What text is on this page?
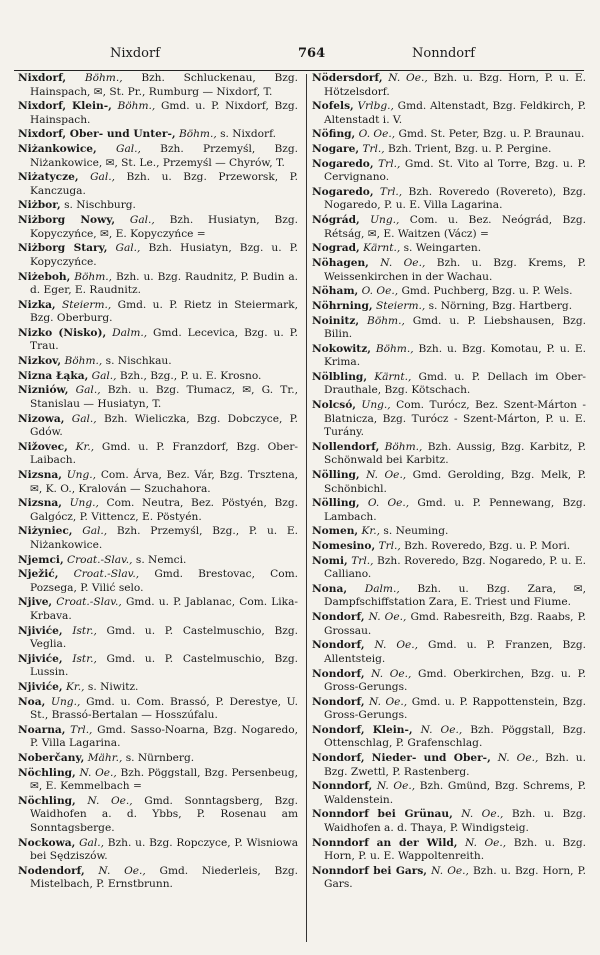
Nixdorf	764	Nonndorf

Nixdorf, Böhm., Bzh. Schluckenau, Bzg. Hainspach, ✉, St. Pr., Rumburg — Nixdorf, T.

Nixdorf, Klein-, Böhm., Gmd. u. P. Nixdorf, Bzg. Hainspach.

Nixdorf, Ober- und Unter-, Böhm., s. Nixdorf.

Niżankowice, Gal., Bzh. Przemyśl, Bzg. Niżankowice, ✉, St. Le., Przemyśl — Chyrów, T.

Niżatycze, Gal., Bzh. u. Bzg. Przeworsk, P. Kanczuga.

Niżbor, s. Nischburg.

Niżborg Nowy, Gal., Bzh. Husiatyn, Bzg. Kopyczyńce, ✉, E. Kopyczyńce =

Niżborg Stary, Gal., Bzh. Husiatyn, Bzg. u. P. Kopyczyńce.

Niżeboh, Böhm., Bzh. u. Bzg. Raudnitz, P. Budin a. d. Eger, E. Raudnitz.

Nizka, Steierm., Gmd. u. P. Rietz in Steiermark, Bzg. Oberburg.

Nizko (Nisko), Dalm., Gmd. Lecevica, Bzg. u. P. Trau.

Nizkov, Böhm., s. Nischkau.

Nizna Łąka, Gal., Bzh., Bzg., P. u. E. Krosno.

Nizniów, Gal., Bzh. u. Bzg. Tłumacz, ✉, G. Tr., Stanislau — Husiatyn, T.

Nizowa, Gal., Bzh. Wieliczka, Bzg. Dobczyce, P. Gdów.

Nižovec, Kr., Gmd. u. P. Franzdorf, Bzg. Ober-Laibach.

Nizsna, Ung., Com. Árva, Bez. Vár, Bzg. Trsztena, ✉, K. O., Kralován — Szuchahora.

Nizsna, Ung., Com. Neutra, Bez. Pöstyén, Bzg. Galgócz, P. Vittencz, E. Pöstyén.

Niżyniec, Gal., Bzh. Przemyśl, Bzg., P. u. E. Niżankowice.

Njemci, Croat.-Slav., s. Nemci.

Nježić, Croat.-Slav., Gmd. Brestovac, Com. Pozsega, P. Vilić selo.

Njive, Croat.-Slav., Gmd. u. P. Jablanac, Com. Lika-Krbava.

Njiviće, Istr., Gmd. u. P. Castelmuschio, Bzg. Veglia.

Njiviće, Istr., Gmd. u. P. Castelmuschio, Bzg. Lussin.

Njiviće, Kr., s. Niwitz.

Noa, Ung., Gmd. u. Com. Brassó, P. Derestye, U. St., Brassó-Bertalan — Hosszúfalu.

Noarna, Trl., Gmd. Sasso-Noarna, Bzg. Nogaredo, P. Villa Lagarina.

Noberčany, Mähr., s. Nürnberg.

Nöchling, N. Oe., Bzh. Pöggstall, Bzg. Persenbeug, ✉, E. Kemmelbach =

Nöchling, N. Oe., Gmd. Sonntagsberg, Bzg. Waidhofen a. d. Ybbs, P. Rosenau am Sonntagsberge.

Nockowa, Gal., Bzh. u. Bzg. Ropczyce, P. Wisniowa bei Sędziszów.

Nodendorf, N. Oe., Gmd. Niederleis, Bzg. Mistelbach, P. Ernstbrunn.

Nödersdorf, N. Oe., Bzh. u. Bzg. Horn, P. u. E. Hötzelsdorf.

Nofels, Vrlbg., Gmd. Altenstadt, Bzg. Feldkirch, P. Altenstadt i. V.

Nöfing, O. Oe., Gmd. St. Peter, Bzg. u. P. Braunau.

Nogare, Trl., Bzh. Trient, Bzg. u. P. Pergine.

Nogaredo, Trl., Gmd. St. Vito al Torre, Bzg. u. P. Cervignano.

Nogaredo, Trl., Bzh. Roveredo (Rovereto), Bzg. Nogaredo, P. u. E. Villa Lagarina.

Nógrád, Ung., Com. u. Bez. Neógrád, Bzg. Rétság, ✉, E. Waitzen (Vácz) =

Nograd, Kärnt., s. Weingarten.

Nöhagen, N. Oe., Bzh. u. Bzg. Krems, P. Weissenkirchen in der Wachau.

Nöham, O. Oe., Gmd. Puchberg, Bzg. u. P. Wels.

Nöhrning, Steierm., s. Nörning, Bzg. Hartberg.

Noinitz, Böhm., Gmd. u. P. Liebshausen, Bzg. Bilin.

Nokowitz, Böhm., Bzh. u. Bzg. Komotau, P. u. E. Krima.

Nölbling, Kärnt., Gmd. u. P. Dellach im Ober-Drauthale, Bzg. Kötschach.

Nolcsó, Ung., Com. Turócz, Bez. Szent-Márton - Blatnicza, Bzg. Turócz - Szent-Márton, P. u. E. Turány.

Nollendorf, Böhm., Bzh. Aussig, Bzg. Karbitz, P. Schönwald bei Karbitz.

Nölling, N. Oe., Gmd. Gerolding, Bzg. Melk, P. Schönbichl.

Nölling, O. Oe., Gmd. u. P. Pennewang, Bzg. Lambach.

Nomen, Kr., s. Neuming.

Nomesino, Trl., Bzh. Roveredo, Bzg. u. P. Mori.

Nomi, Trl., Bzh. Roveredo, Bzg. Nogaredo, P. u. E. Calliano.

Nona, Dalm., Bzh. u. Bzg. Zara, ✉, Dampfschiffstation Zara, E. Triest und Fiume.

Nondorf, N. Oe., Gmd. Rabesreith, Bzg. Raabs, P. Grossau.

Nondorf, N. Oe., Gmd. u. P. Franzen, Bzg. Allentsteig.

Nondorf, N. Oe., Gmd. Oberkirchen, Bzg. u. P. Gross-Gerungs.

Nondorf, N. Oe., Gmd. u. P. Rappottenstein, Bzg. Gross-Gerungs.

Nondorf, Klein-, N. Oe., Bzh. Pöggstall, Bzg. Ottenschlag, P. Grafenschlag.

Nondorf, Nieder- und Ober-, N. Oe., Bzh. u. Bzg. Zwettl, P. Rastenberg.

Nonndorf, N. Oe., Bzh. Gmünd, Bzg. Schrems, P. Waldenstein.

Nonndorf bei Grünau, N. Oe., Bzh. u. Bzg. Waidhofen a. d. Thaya, P. Windigsteig.

Nonndorf an der Wild, N. Oe., Bzh. u. Bzg. Horn, P. u. E. Wappoltenreith.

Nonndorf bei Gars, N. Oe., Bzh. u. Bzg. Horn, P. Gars.
